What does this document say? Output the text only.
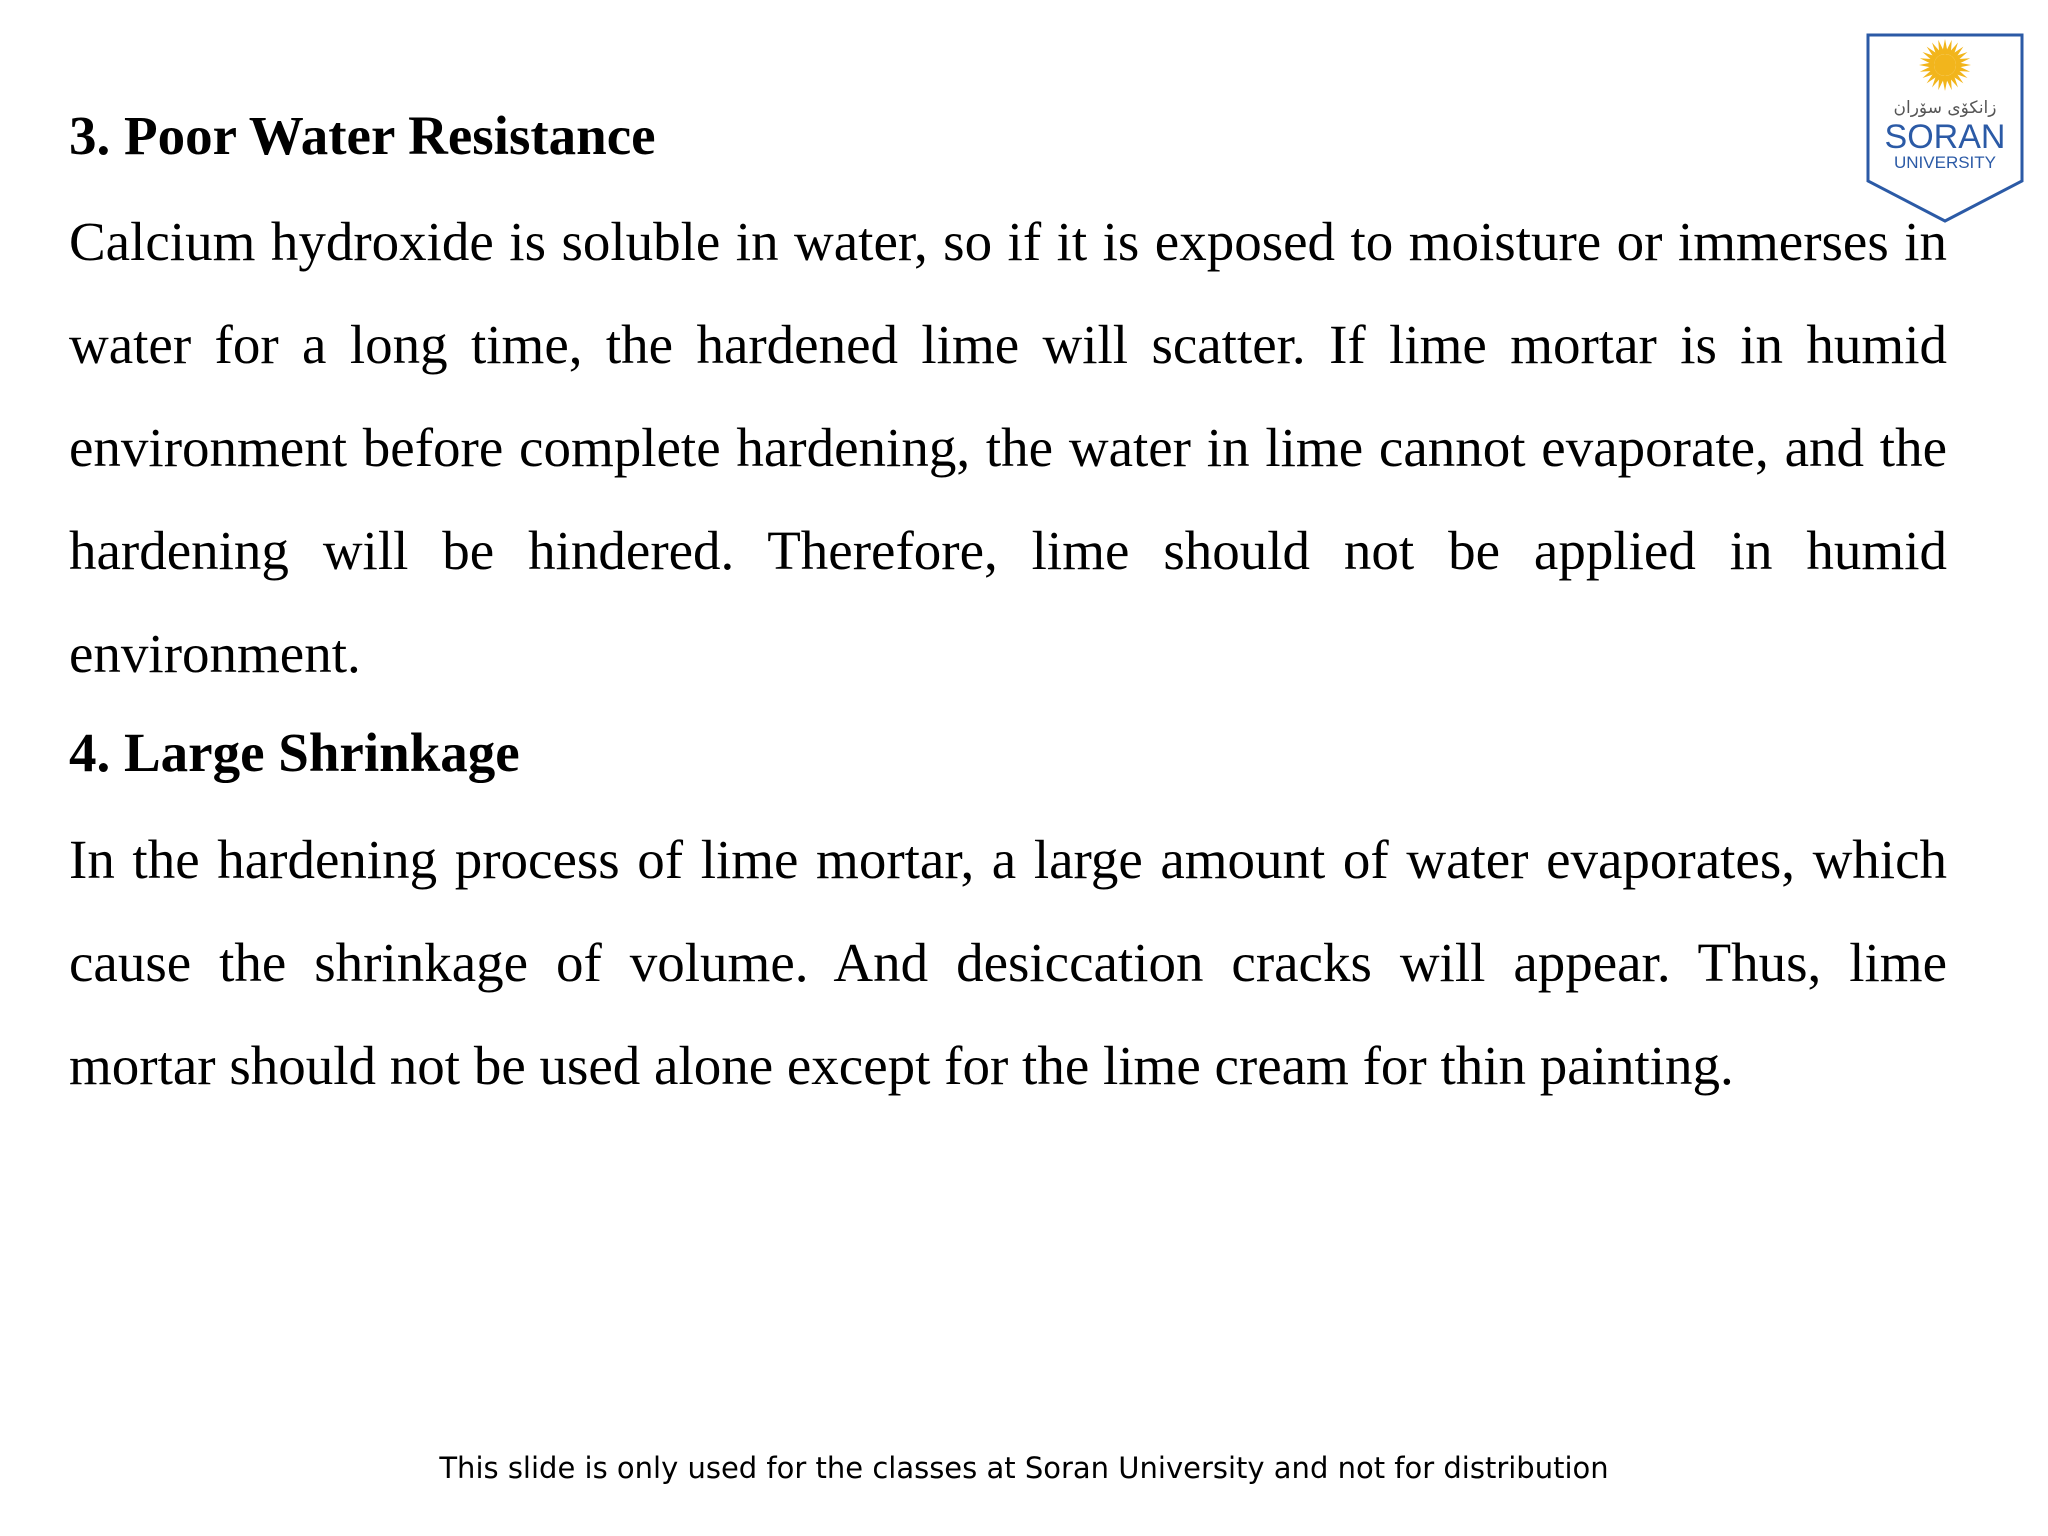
3. Poor Water Resistance

Calcium hydroxide is soluble in water, so if it is exposed to moisture or immerses in water for a long time, the hardened lime will scatter. If lime mortar is in humid environment before complete hardening, the water in lime cannot evaporate, and the hardening will be hindered. Therefore, lime should not be applied in humid environment.

4. Large Shrinkage

In the hardening process of lime mortar, a large amount of water evaporates, which cause the shrinkage of volume. And desiccation cracks will appear. Thus, lime mortar should not be used alone except for the lime cream for thin painting.

زانکۆی سۆران
SORAN
UNIVERSITY
This slide is only used for the classes at Soran University and not for distribution
